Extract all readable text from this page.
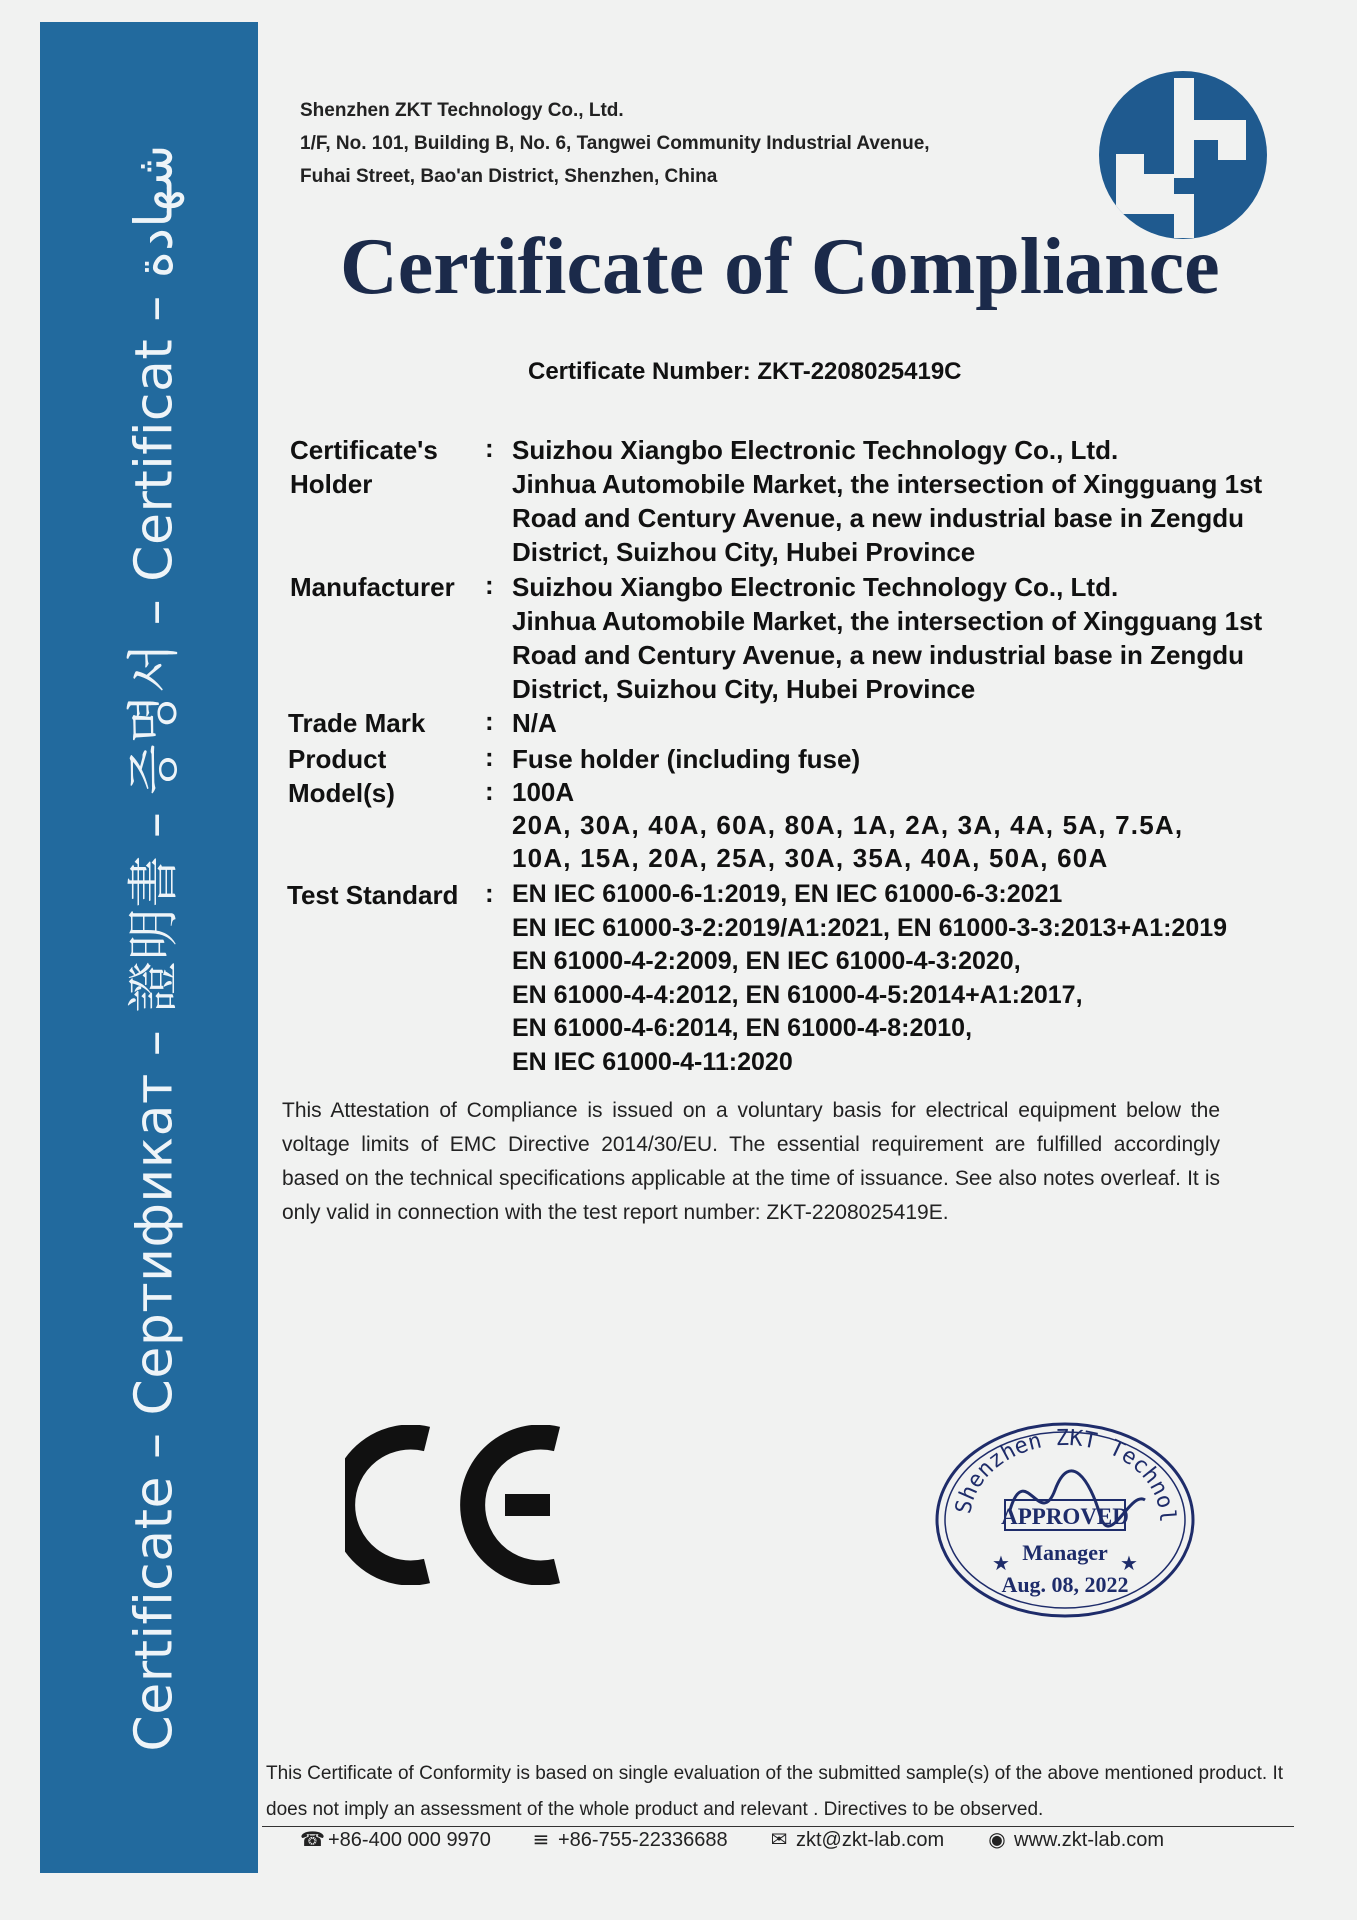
Certificate – Сертификат – 證明書 – 증명서 – Certificat – شهادة
Shenzhen ZKT Technology Co., Ltd.
1/F, No. 101, Building B, No. 6, Tangwei Community Industrial Avenue,
Fuhai Street, Bao'an District, Shenzhen, China
Certificate of Compliance
Certificate Number: ZKT-2208025419C
Certificate's
Holder
: Suizhou Xiangbo Electronic Technology Co., Ltd.
Jinhua Automobile Market, the intersection of Xingguang 1st
Road and Century Avenue, a new industrial base in Zengdu
District, Suizhou City, Hubei Province
Manufacturer : Suizhou Xiangbo Electronic Technology Co., Ltd.
Jinhua Automobile Market, the intersection of Xingguang 1st
Road and Century Avenue, a new industrial base in Zengdu
District, Suizhou City, Hubei Province
Trade Mark : N/A
Product	: Fuse holder (including fuse)
Model(s)	: 100A
20A, 30A, 40A, 60A, 80A, 1A, 2A, 3A, 4A, 5A, 7.5A,
10A, 15A, 20A, 25A, 30A, 35A, 40A, 50A, 60A
Test Standard : EN IEC 61000-6-1:2019, EN IEC 61000-6-3:2021
EN IEC 61000-3-2:2019/A1:2021, EN 61000-3-3:2013+A1:2019
EN 61000-4-2:2009, EN IEC 61000-4-3:2020,
EN 61000-4-4:2012, EN 61000-4-5:2014+A1:2017,
EN 61000-4-6:2014, EN 61000-4-8:2010,
EN IEC 61000-4-11:2020
This Attestation of Compliance is issued on a voluntary basis for electrical equipment below the voltage limits of EMC Directive 2014/30/EU. The essential requirement are fulfilled accordingly based on the technical specifications applicable at the time of issuance. See also notes overleaf. It is only valid in connection with the test report number: ZKT-2208025419E.
Shenzhen ZKT Technol
APPROVED
Manager
Aug. 08, 2022
★	★
This Certificate of Conformity is based on single evaluation of the submitted sample(s) of the above mentioned product. It does not imply an assessment of the whole product and relevant . Directives to be observed.
☎ +86-400 000 9970 ≡ +86-755-22336688 ✉ zkt@zkt-lab.com ◉ www.zkt-lab.com
